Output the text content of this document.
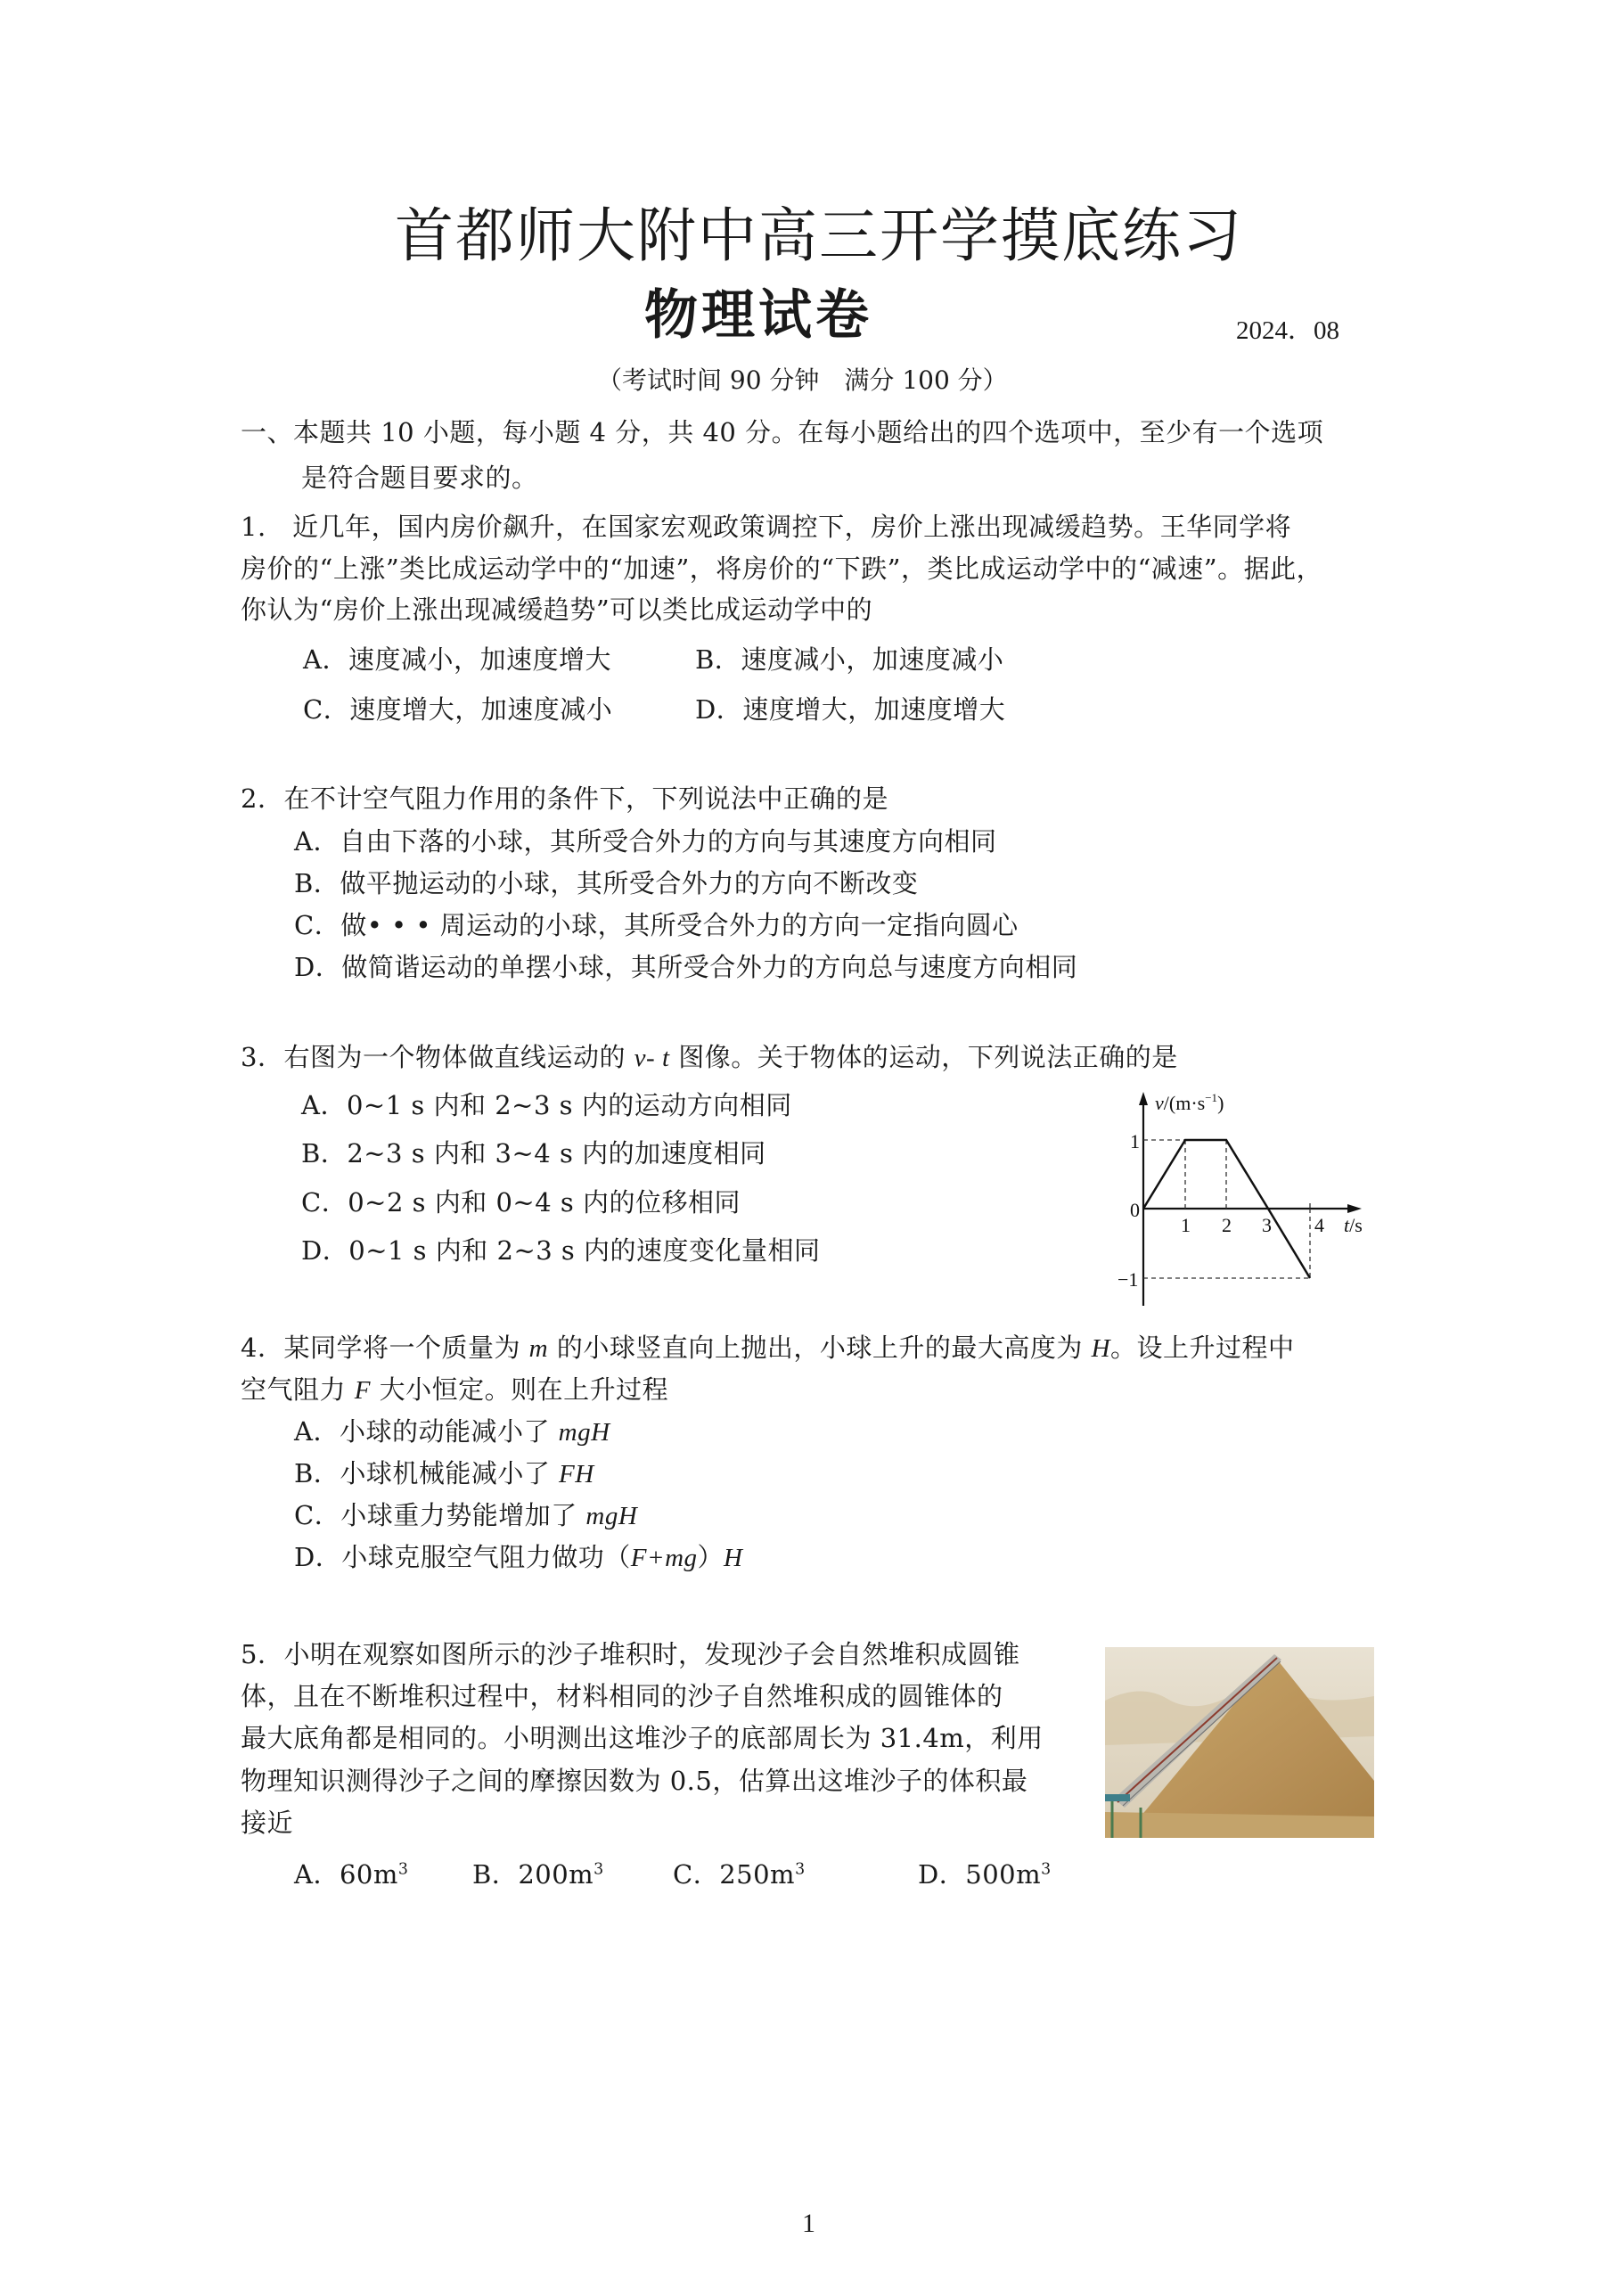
首都师大附中高三开学摸底练习
物理试卷	2024．08
（考试时间 90 分钟　满分 100 分）
一、本题共 10 小题，每小题 4 分，共 40 分。在每小题给出的四个选项中，至少有一个选项
是符合题目要求的。
1.　近几年，国内房价飙升，在国家宏观政策调控下，房价上涨出现减缓趋势。王华同学将
房价的“上涨”类比成运动学中的“加速”，将房价的“下跌”，类比成运动学中的“减速”。据此，
你认为“房价上涨出现减缓趋势”可以类比成运动学中的
A．速度减小，加速度增大	B．速度减小，加速度减小
C．速度增大，加速度减小	D．速度增大，加速度增大
2．在不计空气阻力作用的条件下，下列说法中正确的是
A．自由下落的小球，其所受合外力的方向与其速度方向相同
B．做平抛运动的小球，其所受合外力的方向不断改变
C．做• • • 周运动的小球，其所受合外力的方向一定指向圆心
D．做简谐运动的单摆小球，其所受合外力的方向总与速度方向相同
3．右图为一个物体做直线运动的 v- t 图像。关于物体的运动，下列说法正确的是
A．0~1 s 内和 2~3 s 内的运动方向相同
B．2~3 s 内和 3~4 s 内的加速度相同
C．0~2 s 内和 0~4 s 内的位移相同
D．0~1 s 内和 2~3 s 内的速度变化量相同
$v/(m\cdot s^{-1})$
1
0
−1
1 2 3 4 t/s
4．某同学将一个质量为 m 的小球竖直向上抛出，小球上升的最大高度为 H。设上升过程中
空气阻力 F 大小恒定。则在上升过程
A．小球的动能减小了 mgH
B．小球机械能减小了 FH
C．小球重力势能增加了 mgH
D．小球克服空气阻力做功（F+mg）H
5．小明在观察如图所示的沙子堆积时，发现沙子会自然堆积成圆锥
体，且在不断堆积过程中，材料相同的沙子自然堆积成的圆锥体的
最大底角都是相同的。小明测出这堆沙子的底部周长为 31.4m，利用
物理知识测得沙子之间的摩擦因数为 0.5，估算出这堆沙子的体积最
接近
A．$60m^3$ B．$200m^3$	C．$250m^3$	D．$500m^3$
1
